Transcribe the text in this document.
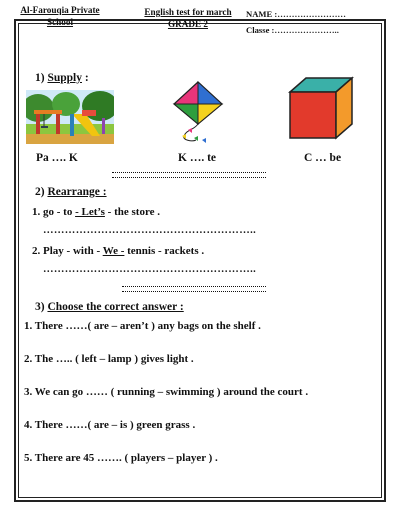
Al-Farouqia Private
School
English test for march
GRADE 2
NAME :……………………
Classe :…………………..
1) Supply :
Pa …. K	K …. te	C … be
2) Rearrange :
1. go - to - Let’s - the store .
…………………………………………………..
2. Play - with - We - tennis - rackets .
…………………………………………………..
3) Choose the correct answer :
1. There ……( are – aren’t ) any bags on the shelf .
2. The ….. ( left – lamp ) gives light .
3. We can go …… ( running – swimming ) around the court .
4. There ……( are – is ) green grass .
5. There are 45 ……. ( players – player ) .
